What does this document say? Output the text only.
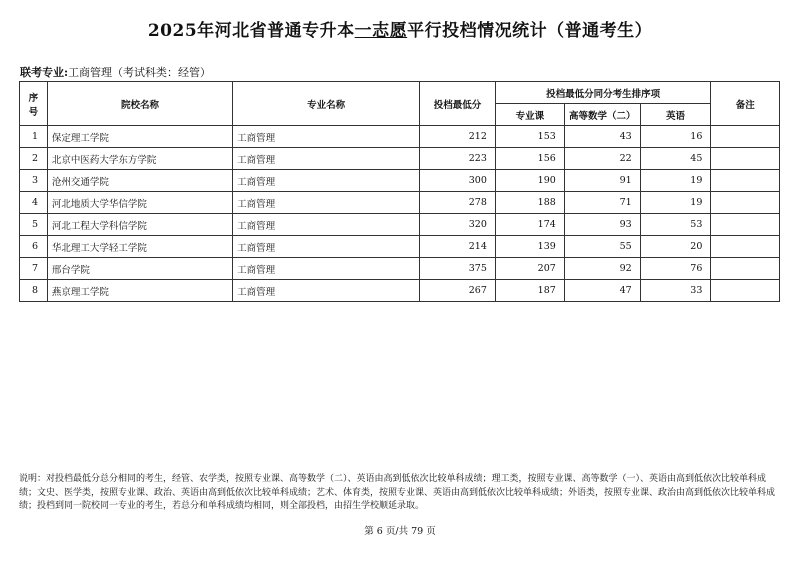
2025年河北省普通专升本一志愿平行投档情况统计（普通考生）
联考专业:工商管理（考试科类：经管）
序号	院校名称	专业名称	投档最低分	投档最低分同分考生排序项			备注
				专业课	高等数学（二）	英语	
1	保定理工学院	工商管理	212	153	43	16	
2	北京中医药大学东方学院	工商管理	223	156	22	45	
3	沧州交通学院	工商管理	300	190	91	19	
4	河北地质大学华信学院	工商管理	278	188	71	19	
5	河北工程大学科信学院	工商管理	320	174	93	53	
6	华北理工大学轻工学院	工商管理	214	139	55	20	
7	邢台学院	工商管理	375	207	92	76	
8	燕京理工学院	工商管理	267	187	47	33	
说明：对投档最低分总分相同的考生，经管、农学类，按照专业课、高等数学（二）、英语由高到低依次比较单科成绩；理工类，按照专业课、高等数学（一）、英语由高到低依次比较单科成绩；文史、医学类，按照专业课、政治、英语由高到低依次比较单科成绩；艺术、体育类，按照专业课、英语由高到低依次比较单科成绩；外语类，按照专业课、政治由高到低依次比较单科成绩；投档到同一院校同一专业的考生，若总分和单科成绩均相同，则全部投档，由招生学校顺延录取。
第 6 页/共 79 页
